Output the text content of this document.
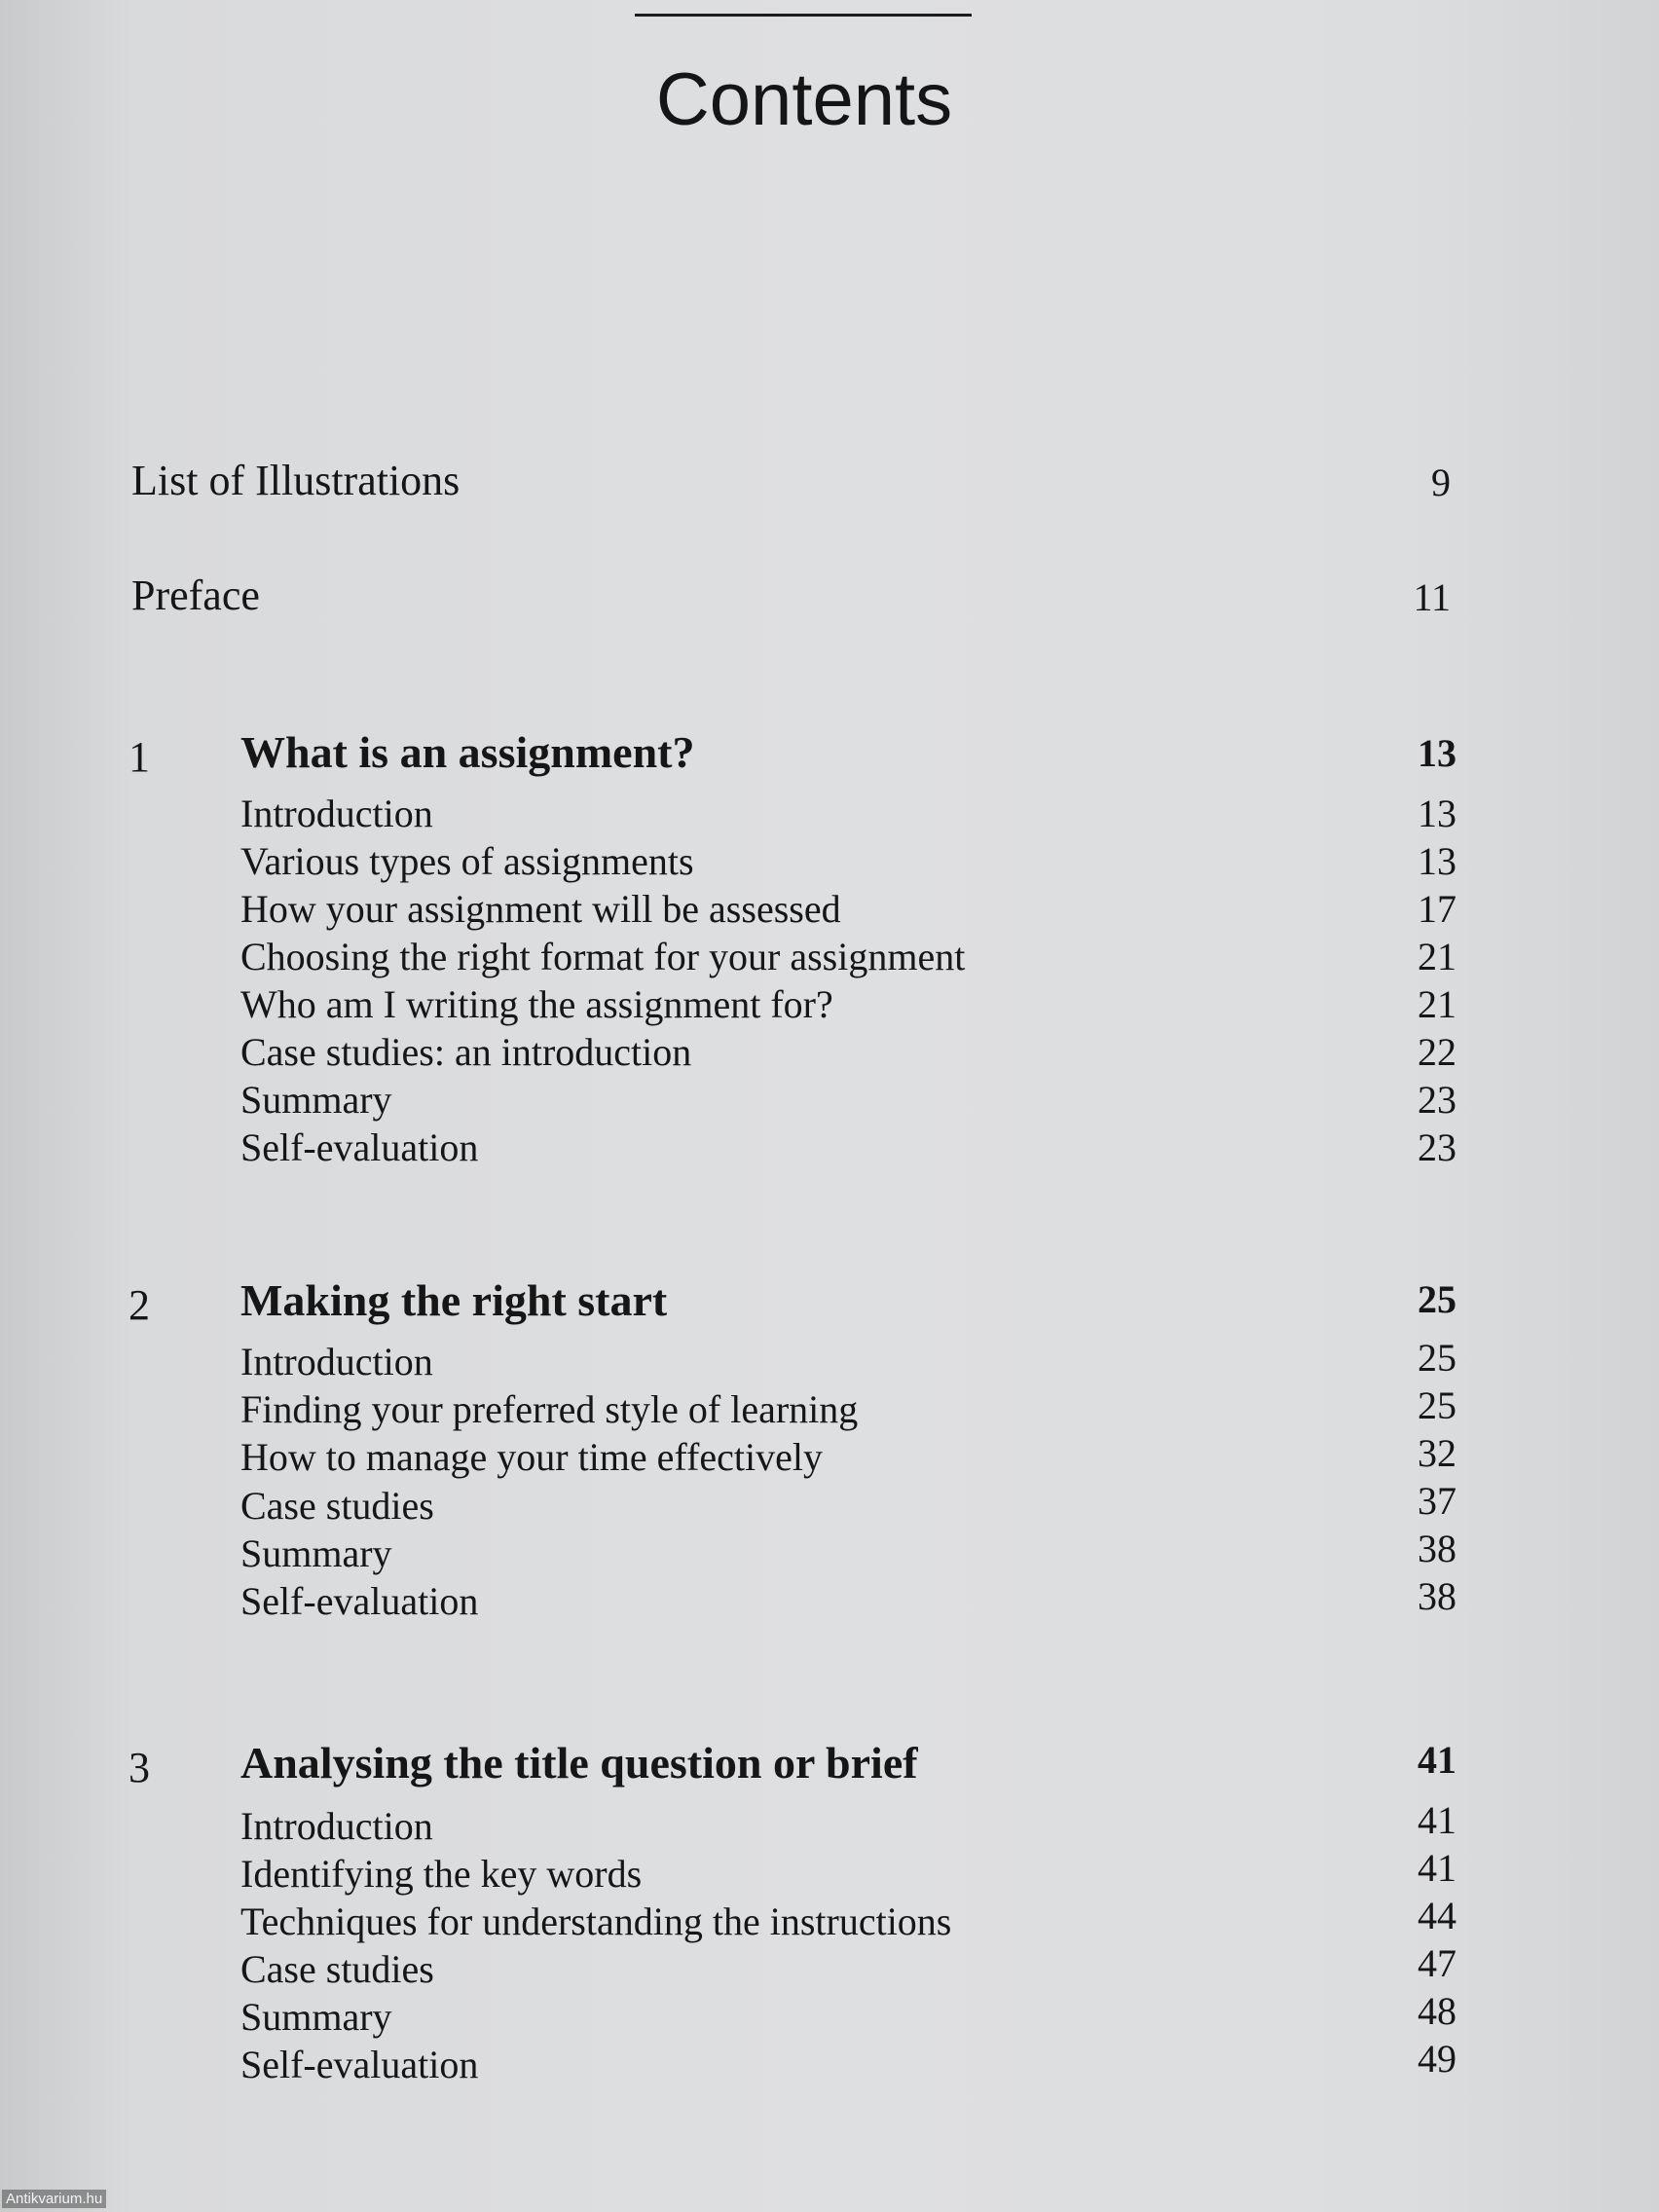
Contents
List of Illustrations	9
Preface	11
1 What is an assignment?	13
Introduction	13
Various types of assignments	13
How your assignment will be assessed	17
Choosing the right format for your assignment	21
Who am I writing the assignment for?	21
Case studies: an introduction	22
Summary	23
Self-evaluation	23
2 Making the right start	25
Introduction	25
Finding your preferred style of learning	25
How to manage your time effectively	32
Case studies	37
Summary	38
Self-evaluation	38
3 Analysing the title question or brief	41
Introduction	41
Identifying the key words	41
Techniques for understanding the instructions	44
Case studies	47
Summary	48
Self-evaluation	49
Antikvarium.hu
